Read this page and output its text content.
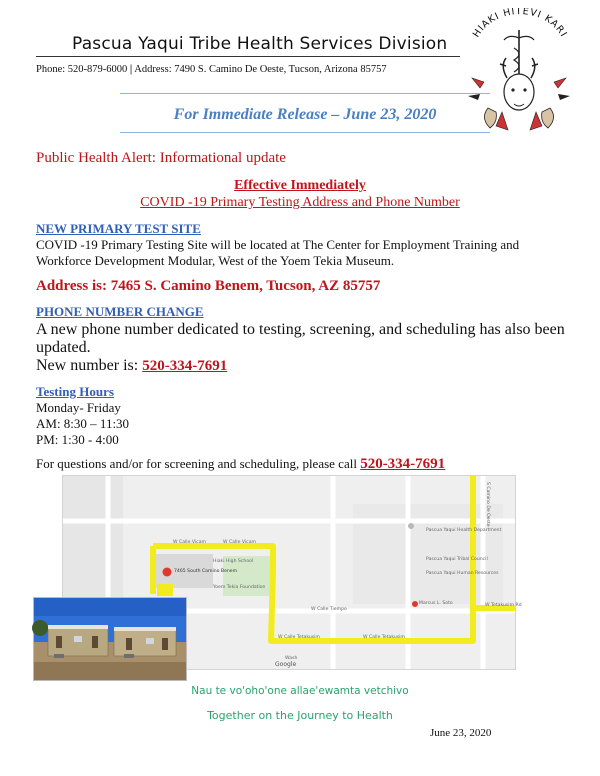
Pascua Yaqui Tribe Health Services Division
Phone: 520-879-6000 | Address: 7490 S. Camino De Oeste, Tucson, Arizona 85757
For Immediate Release – June 23, 2020
HIAKI HITEVI KARI
Public Health Alert: Informational update
Effective Immediately
COVID -19 Primary Testing Address and Phone Number
NEW PRIMARY TEST SITE
COVID -19 Primary Testing Site will be located at The Center for Employment Training and
Workforce Development Modular, West of the Yoem Tekia Museum.
Address is: 7465 S. Camino Benem, Tucson, AZ 85757
PHONE NUMBER CHANGE
A new phone number dedicated to testing, screening, and scheduling has also been
updated.
New number is: 520-334-7691
Testing Hours
Monday- Friday
AM: 8:30 – 11:30
PM: 1:30 - 4:00
For questions and/or for screening and scheduling, please call 520-334-7691
W Calle Vicam	W Calle Vicam
W Calle Tiempo
W Calle Tetakusim	W Calle Tetakusim
W Tetakusim Rd
Pascua Yaqui Health Department
Pascua Yaqui Tribal Council
Pascua Yaqui Human Resources
Hiaki High School
Yoem Tekia Foundation
7465 South Camino Benem
Marcus L. Soto
Wash
Google
S Camino De Oeste
Nau te vo'oho'one allae'ewamta vetchivo
Together on the Journey to Health
June 23, 2020
